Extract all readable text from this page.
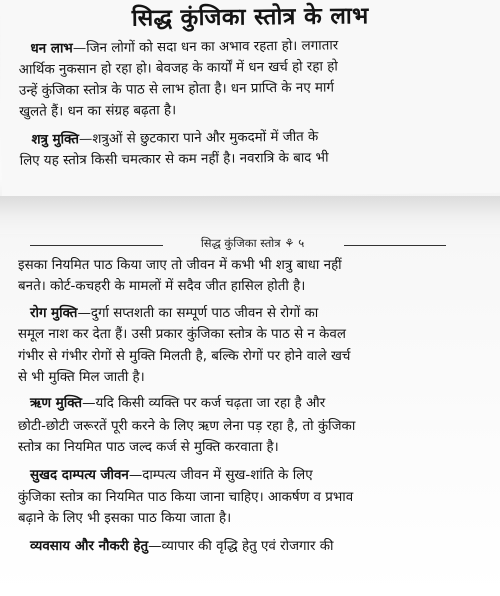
सिद्ध कुंजिका स्तोत्र के लाभ
धन लाभ—जिन लोगों को सदा धन का अभाव रहता हो। लगातार
आर्थिक नुकसान हो रहा हो। बेवजह के कार्यों में धन खर्च हो रहा हो
उन्हें कुंजिका स्तोत्र के पाठ से लाभ होता है। धन प्राप्ति के नए मार्ग
खुलते हैं। धन का संग्रह बढ़ता है।
शत्रु मुक्ति—शत्रुओं से छुटकारा पाने और मुकदमों में जीत के
लिए यह स्तोत्र किसी चमत्कार से कम नहीं है। नवरात्रि के बाद भी
सिद्ध कुंजिका स्तोत्र ⚘ ५
इसका नियमित पाठ किया जाए तो जीवन में कभी भी शत्रु बाधा नहीं
बनते। कोर्ट-कचहरी के मामलों में सदैव जीत हासिल होती है।
रोग मुक्ति—दुर्गा सप्तशती का सम्पूर्ण पाठ जीवन से रोगों का
समूल नाश कर देता हैं। उसी प्रकार कुंजिका स्तोत्र के पाठ से न केवल
गंभीर से गंभीर रोगों से मुक्ति मिलती है, बल्कि रोगों पर होने वाले खर्च
से भी मुक्ति मिल जाती है।
ऋण मुक्ति—यदि किसी व्यक्ति पर कर्ज चढ़ता जा रहा है और
छोटी-छोटी जरूरतें पूरी करने के लिए ऋण लेना पड़ रहा है, तो कुंजिका
स्तोत्र का नियमित पाठ जल्द कर्ज से मुक्ति करवाता है।
सुखद दाम्पत्य जीवन—दाम्पत्य जीवन में सुख-शांति के लिए
कुंजिका स्तोत्र का नियमित पाठ किया जाना चाहिए। आकर्षण व प्रभाव
बढ़ाने के लिए भी इसका पाठ किया जाता है।
व्यवसाय और नौकरी हेतु—व्यापार की वृद्धि हेतु एवं रोजगार की
